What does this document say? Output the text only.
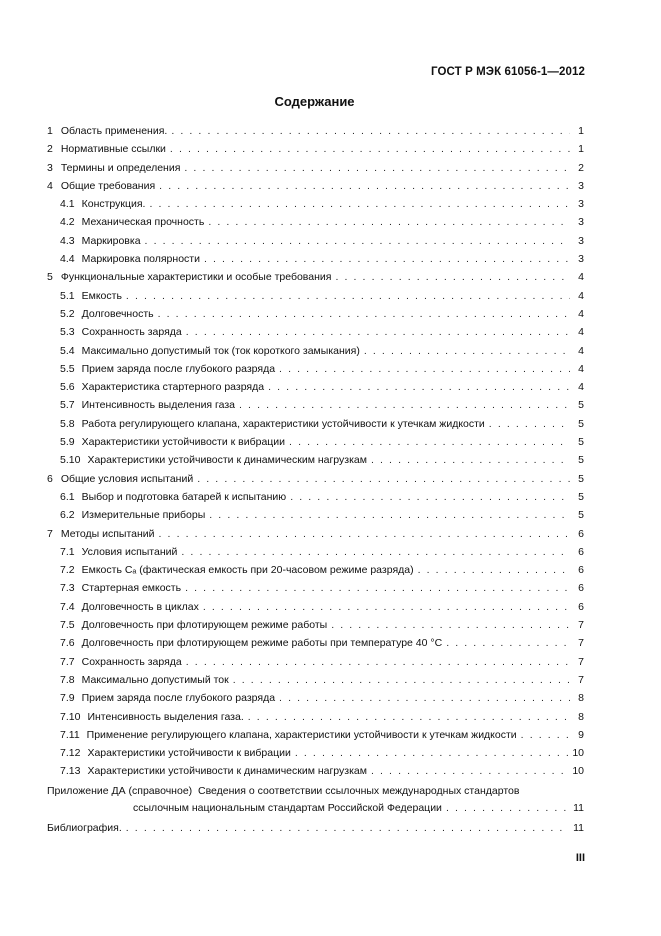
ГОСТ Р МЭК 61056-1—2012
Содержание
1 Область применения. . . .	1
2 Нормативные ссылки . . .	1
3 Термины и определения . . .	2
4 Общие требования . . .	3
4.1 Конструкция. . . .	3
4.2 Механическая прочность . . .	3
4.3 Маркировка . . .	3
4.4 Маркировка полярности . . .	3
5 Функциональные характеристики и особые требования . . .	4
5.1 Емкость . . .	4
5.2 Долговечность . . .	4
5.3 Сохранность заряда . . .	4
5.4 Максимально допустимый ток (ток короткого замыкания) . . .	4
5.5 Прием заряда после глубокого разряда . . .	4
5.6 Характеристика стартерного разряда . . .	4
5.7 Интенсивность выделения газа . . .	5
5.8 Работа регулирующего клапана, характеристики устойчивости к утечкам жидкости . . .	5
5.9 Характеристики устойчивости к вибрации . . .	5
5.10 Характеристики устойчивости к динамическим нагрузкам . . .	5
6 Общие условия испытаний . . .	5
6.1 Выбор и подготовка батарей к испытанию . . .	5
6.2 Измерительные приборы . . .	5
7 Методы испытаний . . .	6
7.1 Условия испытаний . . .	6
7.2 Емкость Cₐ (фактическая емкость при 20-часовом режиме разряда) . . .	6
7.3 Стартерная емкость . . .	6
7.4 Долговечность в циклах . . .	6
7.5 Долговечность при флотирующем режиме работы . . .	7
7.6 Долговечность при флотирующем режиме работы при температуре 40 °С . . .	7
7.7 Сохранность заряда . . .	7
7.8 Максимально допустимый ток . . .	7
7.9 Прием заряда после глубокого разряда . . .	8
7.10 Интенсивность выделения газа. . . .	8
7.11 Применение регулирующего клапана, характеристики устойчивости к утечкам жидкости . . .	9
7.12 Характеристики устойчивости к вибрации . . .	10
7.13 Характеристики устойчивости к динамическим нагрузкам . . .	10
Приложение ДА (справочное) Сведения о соответствии ссылочных международных стандартов
ссылочным национальным стандартам Российской Федерации . . .	11
Библиография. . . .	11
III
